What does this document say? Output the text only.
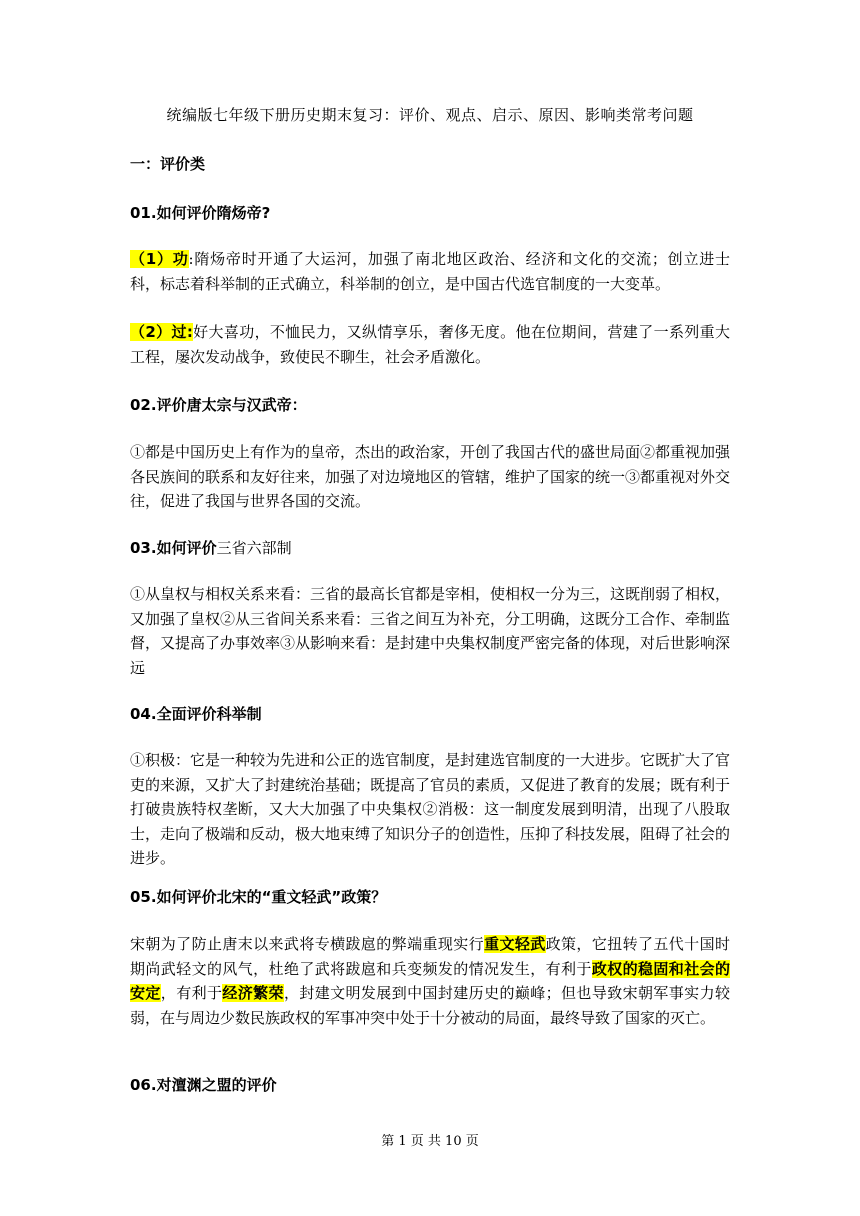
统编版七年级下册历史期末复习：评价、观点、启示、原因、影响类常考问题
一：评价类
01.如何评价隋炀帝?
（1）功:隋炀帝时开通了大运河，加强了南北地区政治、经济和文化的交流；创立进士科，标志着科举制的正式确立，科举制的创立，是中国古代选官制度的一大变革。
（2）过:好大喜功，不恤民力，又纵情享乐，奢侈无度。他在位期间，营建了一系列重大工程，屡次发动战争，致使民不聊生，社会矛盾激化。
02.评价唐太宗与汉武帝：
①都是中国历史上有作为的皇帝，杰出的政治家，开创了我国古代的盛世局面②都重视加强各民族间的联系和友好往来，加强了对边境地区的管辖，维护了国家的统一③都重视对外交往，促进了我国与世界各国的交流。
03.如何评价三省六部制
①从皇权与相权关系来看：三省的最高长官都是宰相，使相权一分为三，这既削弱了相权，又加强了皇权②从三省间关系来看：三省之间互为补充，分工明确，这既分工合作、牵制监督，又提高了办事效率③从影响来看：是封建中央集权制度严密完备的体现，对后世影响深远
04.全面评价科举制
①积极：它是一种较为先进和公正的选官制度，是封建选官制度的一大进步。它既扩大了官吏的来源，又扩大了封建统治基础；既提高了官员的素质，又促进了教育的发展；既有利于打破贵族特权垄断，又大大加强了中央集权②消极：这一制度发展到明清，出现了八股取士，走向了极端和反动，极大地束缚了知识分子的创造性，压抑了科技发展，阻碍了社会的进步。
05.如何评价北宋的“重文轻武”政策？
宋朝为了防止唐末以来武将专横跋扈的弊端重现实行重文轻武政策，它扭转了五代十国时期尚武轻文的风气，杜绝了武将跋扈和兵变频发的情况发生，有利于政权的稳固和社会的安定，有利于经济繁荣，封建文明发展到中国封建历史的巅峰；但也导致宋朝军事实力较弱，在与周边少数民族政权的军事冲突中处于十分被动的局面，最终导致了国家的灭亡。
06.对澶渊之盟的评价
第 1 页 共 10 页
